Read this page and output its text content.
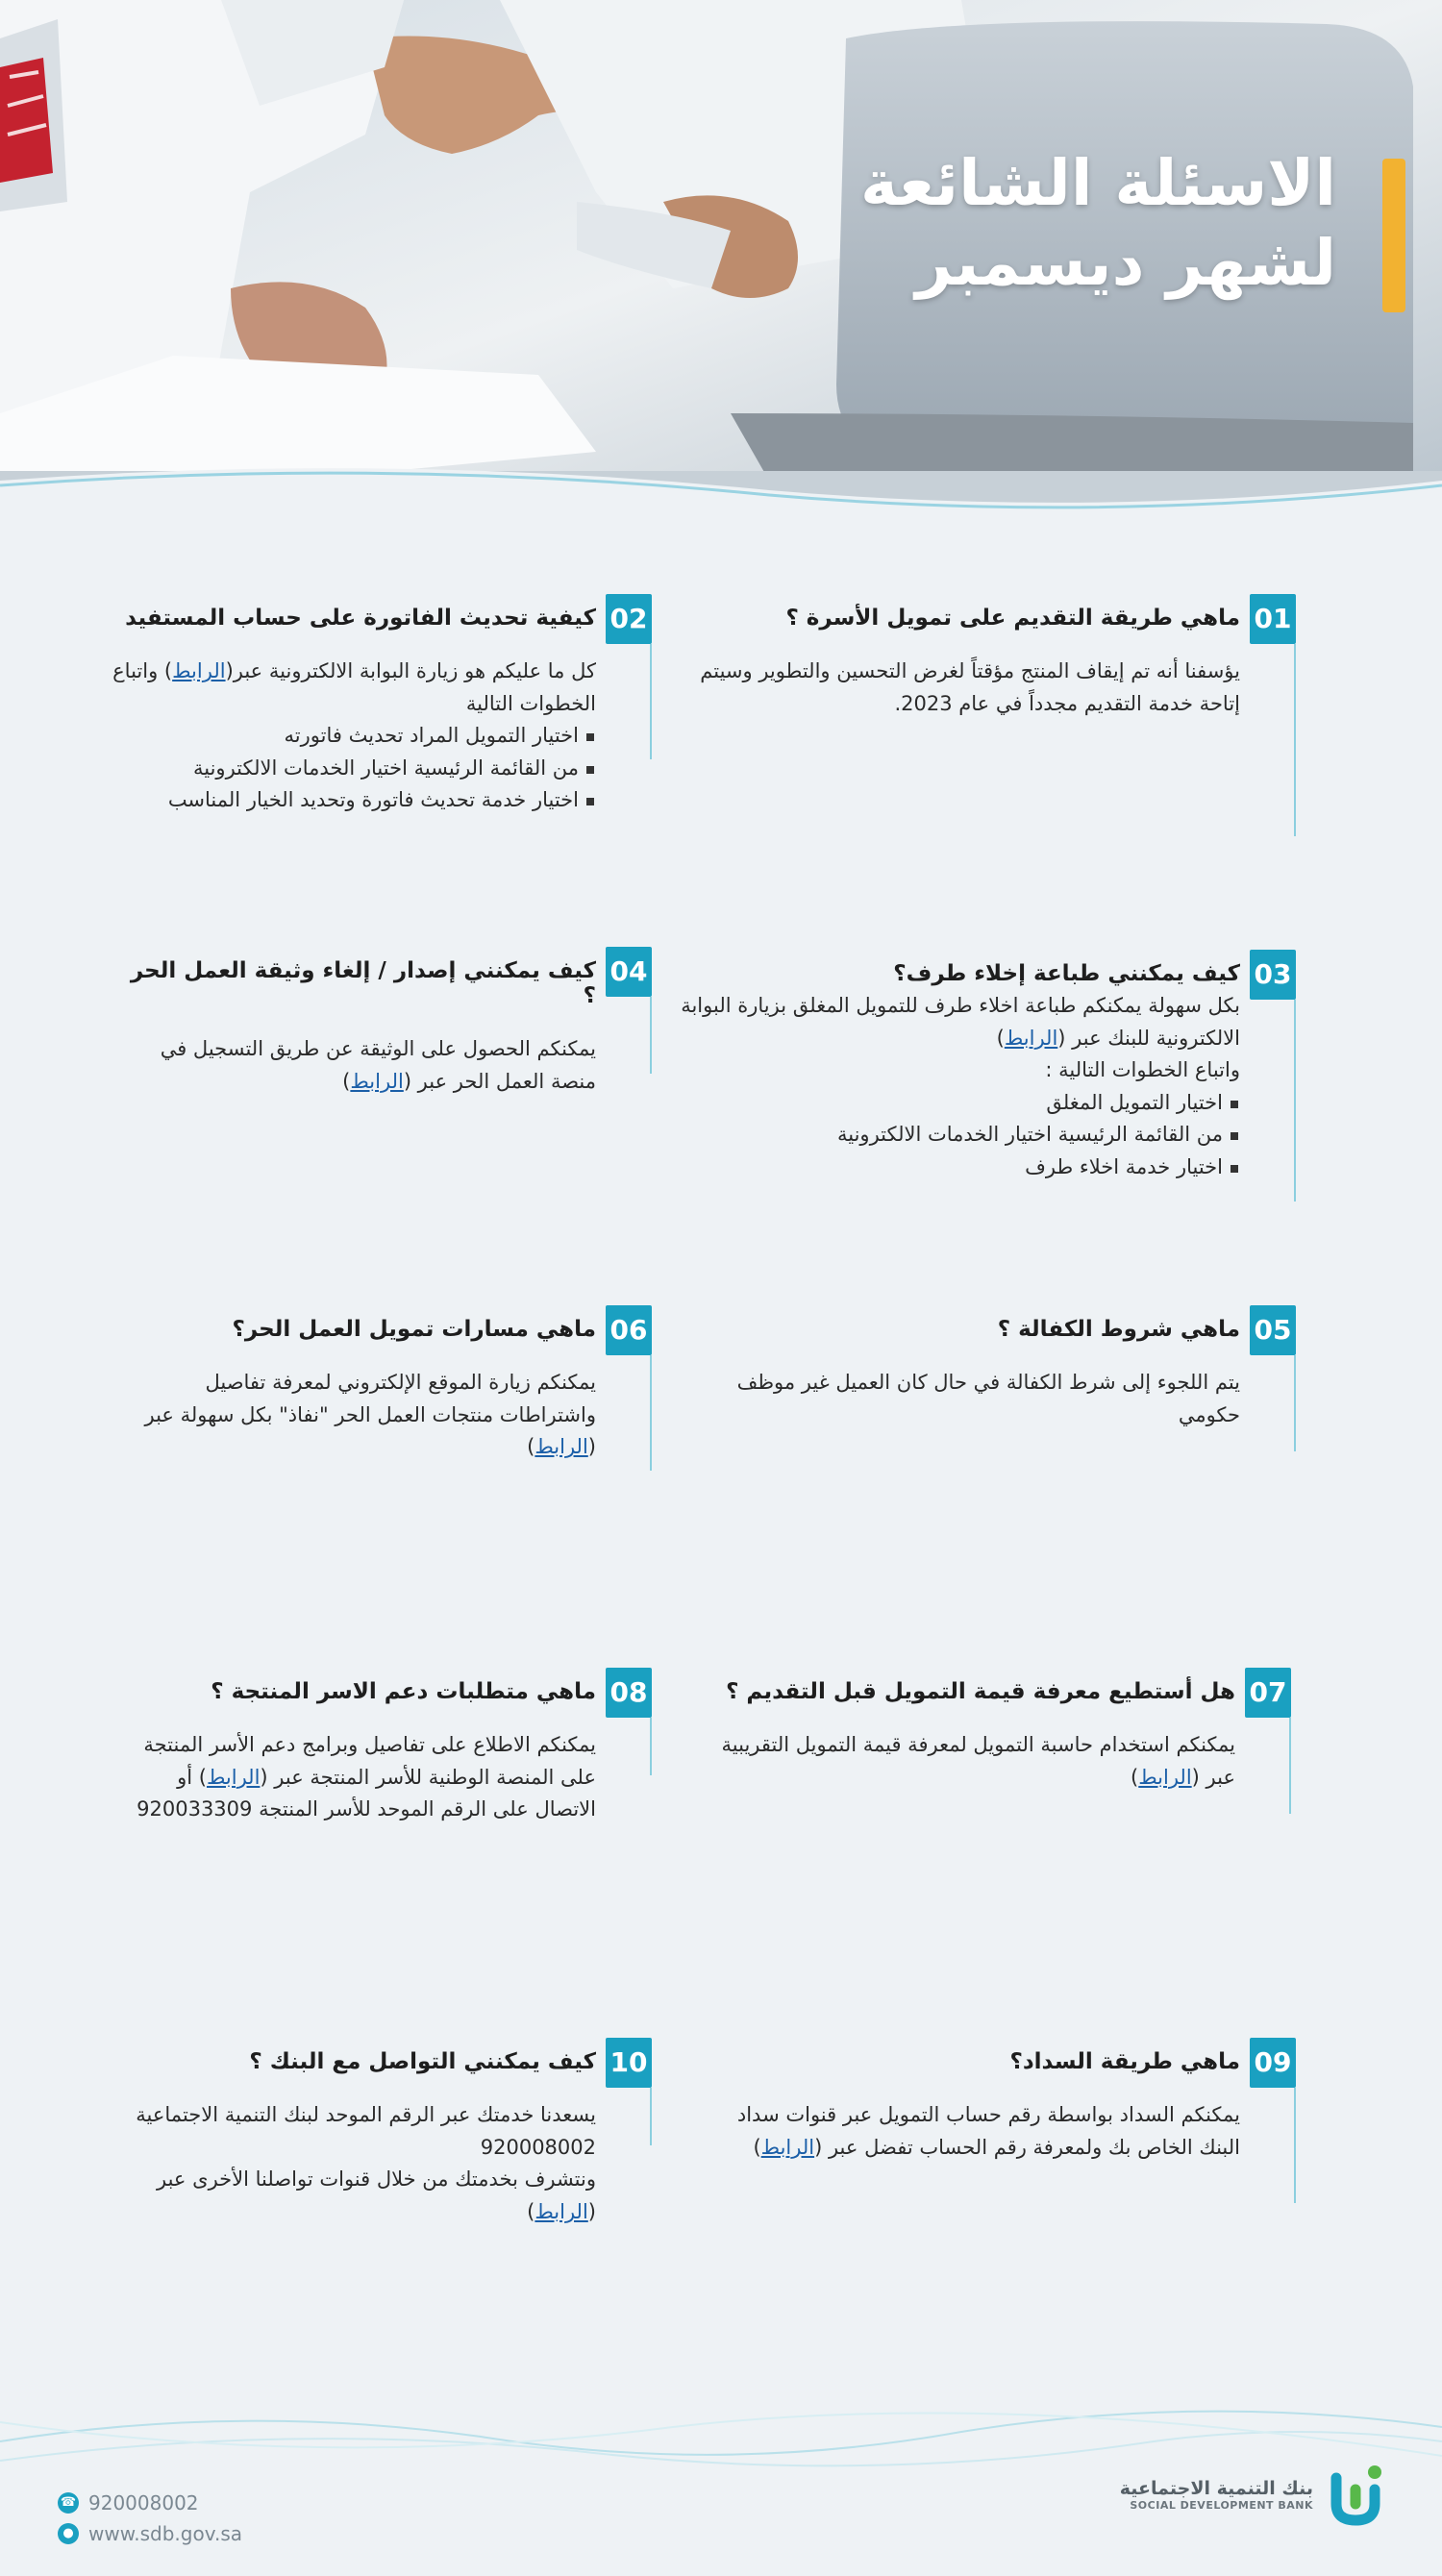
الاسئلة الشائعة
لشهر ديسمبر
01
ماهي طريقة التقديم على تمويل الأسرة ؟
يؤسفنا أنه تم إيقاف المنتج مؤقتاً لغرض التحسين والتطوير وسيتم إتاحة خدمة التقديم مجدداً في عام 2023.
02
كيفية تحديث الفاتورة على حساب المستفيد

كل ما عليكم هو زيارة البوابة الالكترونية عبر(الرابط) واتباع الخطوات التالية

اختيار التمويل المراد تحديث فاتورته
من القائمة الرئيسية اختيار الخدمات الالكترونية
اختيار خدمة تحديث فاتورة وتحديد الخيار المناسب
03
كيف يمكنني طباعة إخلاء طرف؟

بكل سهولة يمكنكم طباعة اخلاء طرف للتمويل المغلق بزيارة البوابة الالكترونية للبنك عبر (الرابط)

واتباع الخطوات التالية :

اختيار التمويل المغلق
من القائمة الرئيسية اختيار الخدمات الالكترونية
اختيار خدمة اخلاء طرف
04
كيف يمكنني إصدار / إلغاء وثيقة العمل الحر ؟

يمكنكم الحصول على الوثيقة عن طريق التسجيل في منصة العمل الحر عبر (الرابط)

05
ماهي شروط الكفالة ؟
يتم اللجوء إلى شرط الكفالة في حال كان العميل غير موظف حكومي
06
ماهي مسارات تمويل العمل الحر؟

يمكنكم زيارة الموقع الإلكتروني لمعرفة تفاصيل واشتراطات منتجات العمل الحر "نفاذ" بكل سهولة عبر (الرابط)

07
هل أستطيع معرفة قيمة التمويل قبل التقديم ؟

يمكنكم استخدام حاسبة التمويل لمعرفة قيمة التمويل التقريبية عبر (الرابط)

08
ماهي متطلبات دعم الاسر المنتجة ؟

يمكنكم الاطلاع على تفاصيل وبرامج دعم الأسر المنتجة على المنصة الوطنية للأسر المنتجة عبر (الرابط) أو الاتصال على الرقم الموحد للأسر المنتجة 920033309

09
ماهي طريقة السداد؟

يمكنكم السداد بواسطة رقم حساب التمويل عبر قنوات سداد البنك الخاص بك ولمعرفة رقم الحساب تفضل عبر (الرابط)

10
كيف يمكنني التواصل مع البنك ؟

يسعدنا خدمتك عبر الرقم الموحد لبنك التنمية الاجتماعية 920008002

ونتشرف بخدمتك من خلال قنوات تواصلنا الأخرى عبر (الرابط)

☎ 920008002
● www.sdb.gov.sa
بنك التنمية الاجتماعية
SOCIAL DEVELOPMENT BANK
